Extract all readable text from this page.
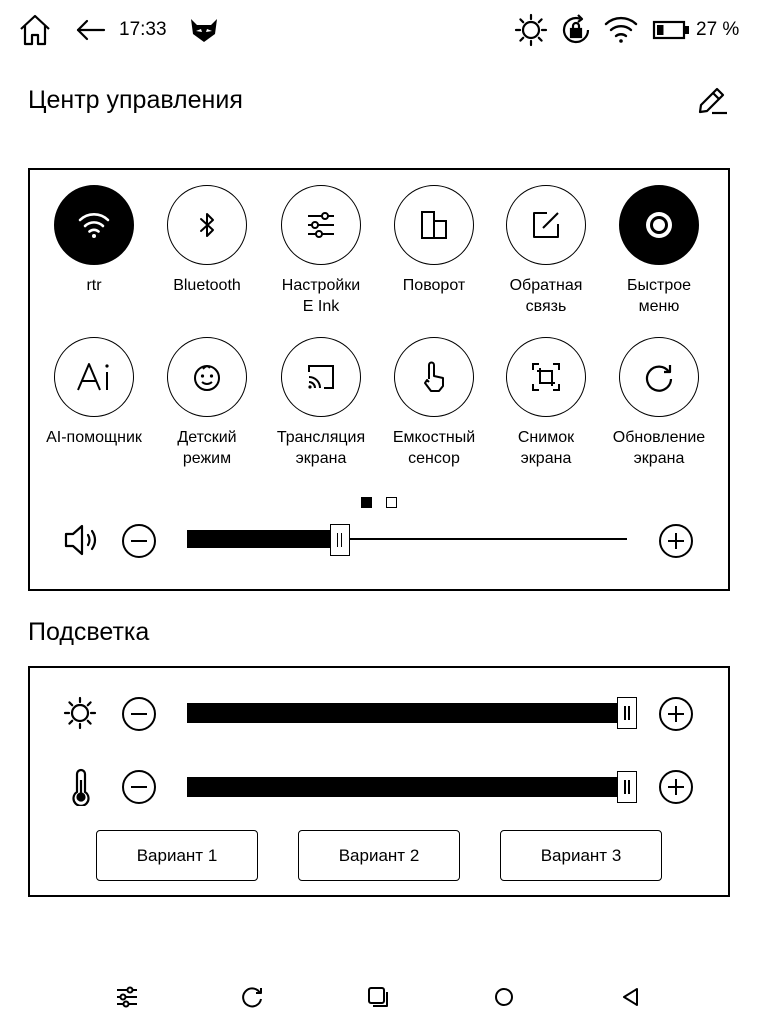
17:33	27 %
Центр управления
rtr	Bluetooth	Настройки
E Ink
Поворот	Обратная
связь
Быстрое
меню
AI-помощник	Детский
режим
Трансляция
экрана
Емкостный
сенсор
Снимок
экрана
Обновление
экрана
Подсветка
Вариант 1	Вариант 2	Вариант 3
